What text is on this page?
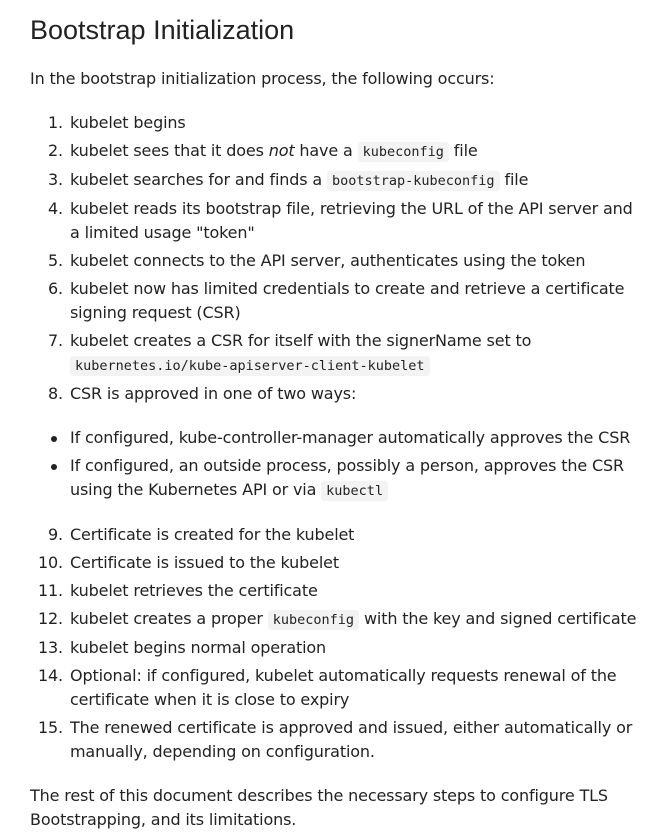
Bootstrap Initialization

In the bootstrap initialization process, the following occurs:

1. kubelet begins
2. kubelet sees that it does not have a kubeconfig file
3. kubelet searches for and finds a bootstrap-kubeconfig file
4. kubelet reads its bootstrap file, retrieving the URL of the API server and a limited usage "token"
5. kubelet connects to the API server, authenticates using the token
6. kubelet now has limited credentials to create and retrieve a certificate signing request (CSR)
7. kubelet creates a CSR for itself with the signerName set to kubernetes.io/kube-apiserver-client-kubelet
8. CSR is approved in one of two ways:
If configured, kube-controller-manager automatically approves the CSR
If configured, an outside process, possibly a person, approves the CSR using the Kubernetes API or via kubectl
9. Certificate is created for the kubelet
10. Certificate is issued to the kubelet
11. kubelet retrieves the certificate
12. kubelet creates a proper kubeconfig with the key and signed certificate
13. kubelet begins normal operation
14. Optional: if configured, kubelet automatically requests renewal of the certificate when it is close to expiry
15. The renewed certificate is approved and issued, either automatically or manually, depending on configuration.

The rest of this document describes the necessary steps to configure TLS Bootstrapping, and its limitations.
